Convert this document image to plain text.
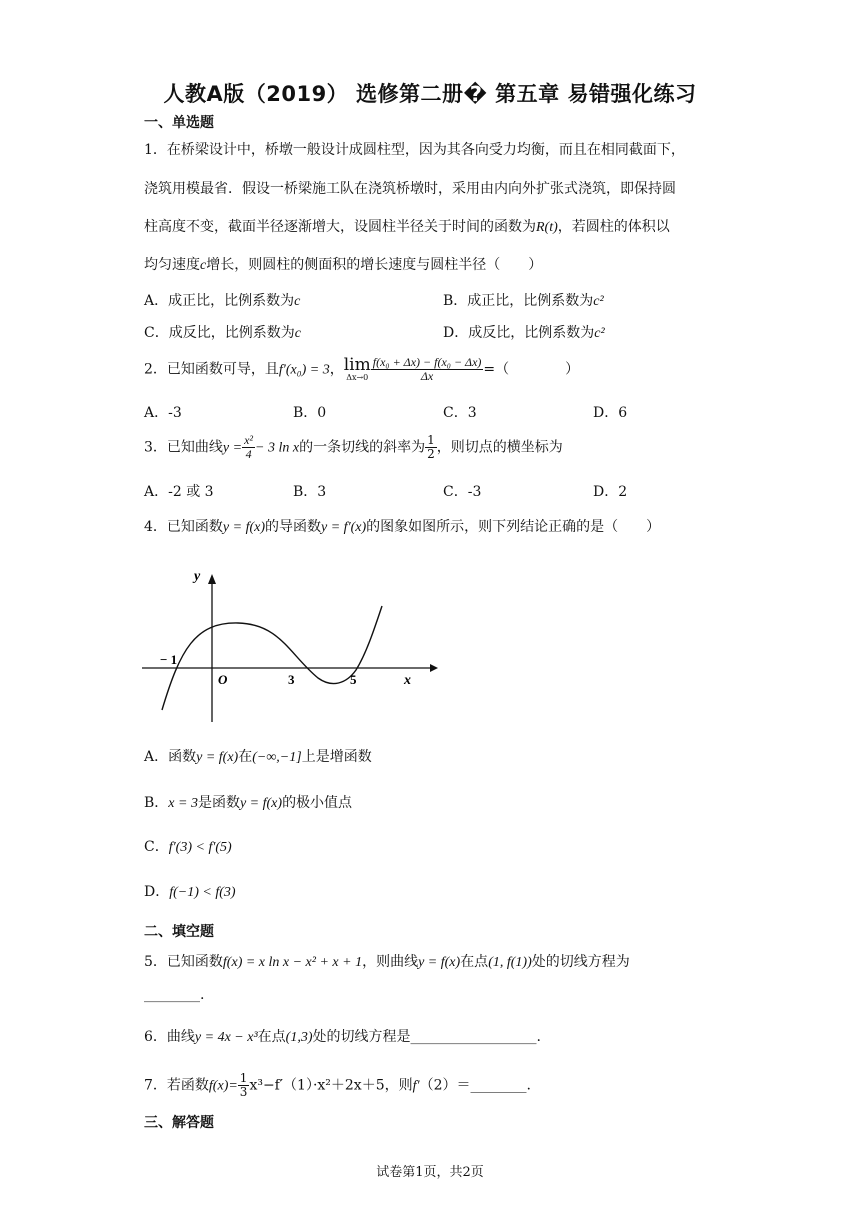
人教A版（2019） 选修第二册� 第五章 易错强化练习
一、单选题
1．在桥梁设计中，桥墩一般设计成圆柱型，因为其各向受力均衡，而且在相同截面下，
浇筑用模最省．假设一桥梁施工队在浇筑桥墩时，采用由内向外扩张式浇筑，即保持圆
柱高度不变，截面半径逐渐增大，设圆柱半径关于时间的函数为R(t)，若圆柱的体积以
均匀速度c增长，则圆柱的侧面积的增长速度与圆柱半径（　　）
A．成正比，比例系数为c	B．成正比，比例系数为c²
C．成反比，比例系数为c	D．成反比，比例系数为c²
2．已知函数可导，且f′(x₀) = 3， lim
$\Delta x\to 0 \frac{\text{f(x₀ + Δx) − f(x₀ − Δx)}}{\Delta x}$ =（　　　　）
A．-3	B．0	C．3	D．6
3．已知曲线$y = \frac{\text{x²}}{4} - 3$ ln x的一条切线的斜率为 $\frac{1}{2}$ ，则切点的横坐标为
A．-2 或 3	B．3	C．-3	D．2
4．已知函数y = f(x)的导函数y = f′(x)的图象如图所示，则下列结论正确的是（　　）
y
x
O
− 1
3	5
A．函数y = f(x)在(−∞,−1]上是增函数
B．x = 3是函数y = f(x)的极小值点
C．f′(3) < f′(5)
D．f(−1) < f(3)
二、填空题
5．已知函数f(x) = x ln x − x² + x + 1，则曲线y = f(x)在点(1, f(1))处的切线方程为
________.
6．曲线y = 4x − x³在点(1,3)处的切线方程是__________________.
7．若函数$f(x)= \frac{1}{3} x^3-f'(1)\cdot x^2+2x+5$，则f′（2）＝________.
三、解答题
试卷第1页，共2页
